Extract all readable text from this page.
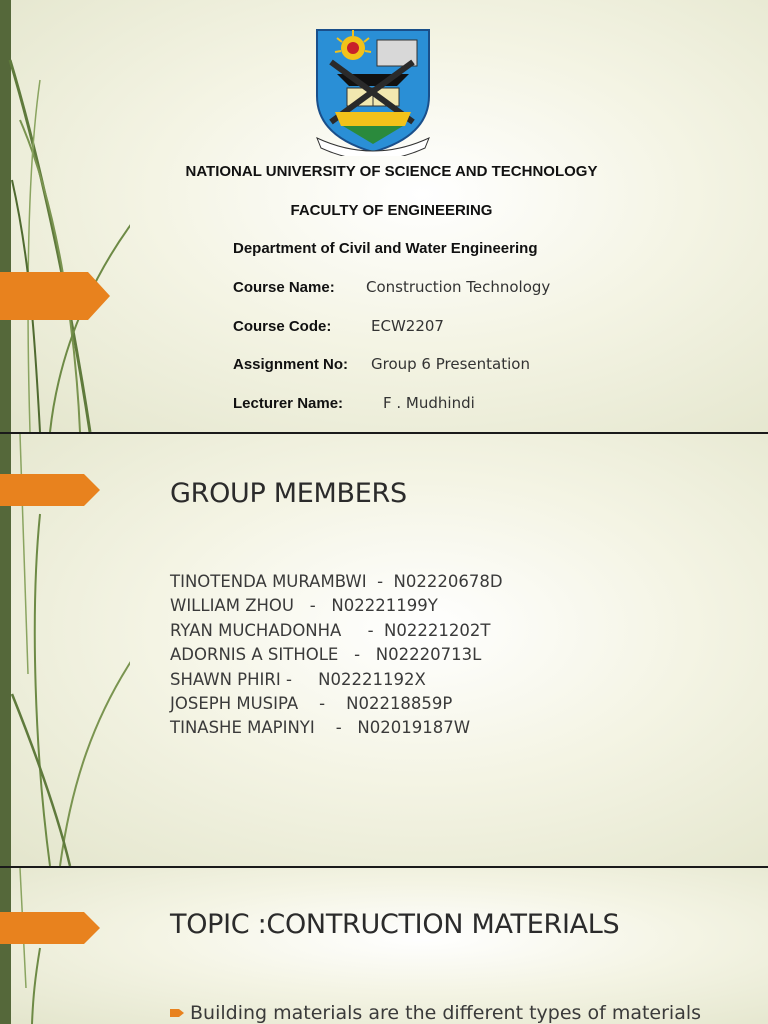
NATIONAL UNIVERSITY OF SCIENCE AND TECHNOLOGY
FACULTY OF ENGINEERING
Department of Civil and Water Engineering
Course Name: Construction Technology
Course Code:	ECW2207
Assignment No: Group 6 Presentation
Lecturer Name:	F . Mudhindi
GROUP MEMBERS
TINOTENDA MURAMBWI  -  N02220678D
WILLIAM ZHOU   -   N02221199Y
RYAN MUCHADONHA     -  N02221202T
ADORNIS A SITHOLE   -   N02220713L
SHAWN PHIRI -     N02221192X
JOSEPH MUSIPA    -    N02218859P
TINASHE MAPINYI    -   N02019187W
TOPIC :CONTRUCTION MATERIALS
Building materials are the different types of materials
